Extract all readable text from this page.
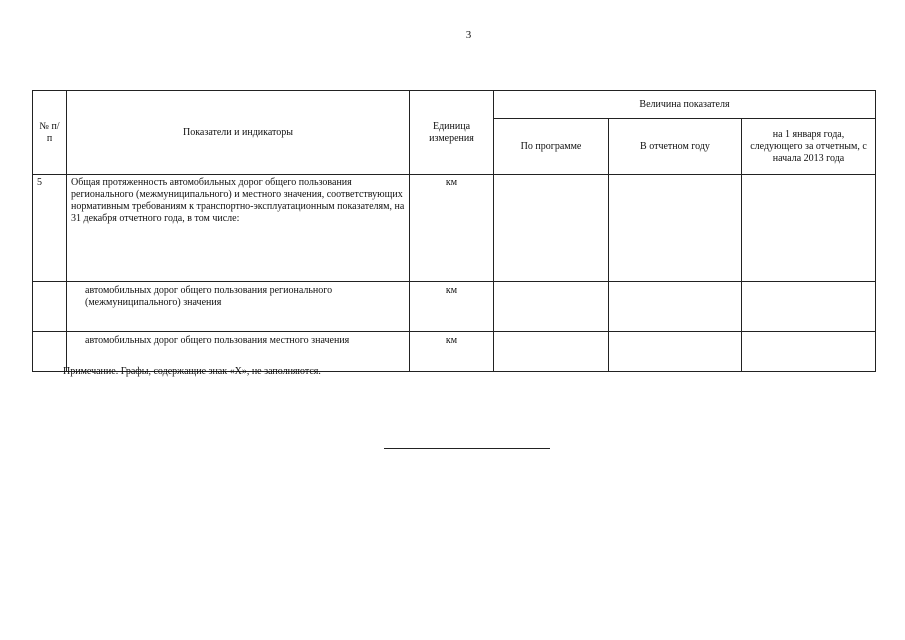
3
№ п/п	Показатели и индикаторы	Единица измерения	Величина показателя		
			По программе	В отчетном году	на 1 января года, следующего за отчетным, с начала 2013 года
5	Общая протяженность автомобильных дорог общего пользования регионального (межмуниципального) и местного значения, соответствующих нормативным требованиям к транспортно-эксплуатационным показателям, на 31 декабря отчетного года, в том числе:	км			
	автомобильных дорог общего пользования регионального (межмуниципального) значения	км			
	автомобильных дорог общего пользования местного значения	км			
Примечание. Графы, содержащие знак «Х», не заполняются.
